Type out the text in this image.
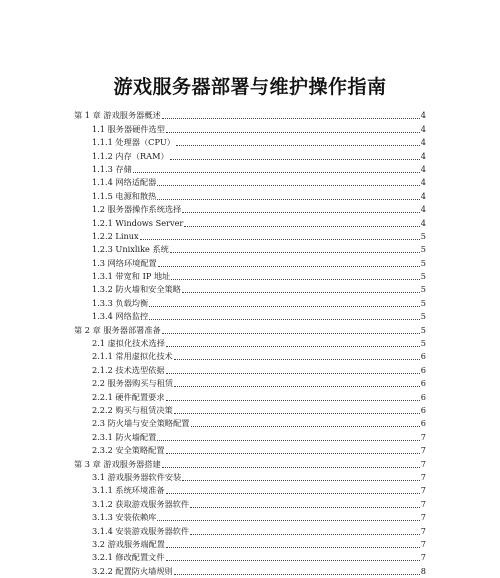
游戏服务器部署与维护操作指南
第 1 章 游戏服务器概述	4
1.1 服务器硬件选型	4
1.1.1 处理器（CPU）	4
1.1.2 内存（RAM）	4
1.1.3 存储	4
1.1.4 网络适配器	4
1.1.5 电源和散热	4
1.2 服务器操作系统选择	4
1.2.1 Windows Server	4
1.2.2 Linux	5
1.2.3 Unixlike 系统	5
1.3 网络环境配置	5
1.3.1 带宽和 IP 地址	5
1.3.2 防火墙和安全策略	5
1.3.3 负载均衡	5
1.3.4 网络监控	5
第 2 章 服务器部署准备	5
2.1 虚拟化技术选择	5
2.1.1 常用虚拟化技术	6
2.1.2 技术选型依据	6
2.2 服务器购买与租赁	6
2.2.1 硬件配置要求	6
2.2.2 购买与租赁决策	6
2.3 防火墙与安全策略配置	6
2.3.1 防火墙配置	7
2.3.2 安全策略配置	7
第 3 章 游戏服务器搭建	7
3.1 游戏服务器软件安装	7
3.1.1 系统环境准备	7
3.1.2 获取游戏服务器软件	7
3.1.3 安装依赖库	7
3.1.4 安装游戏服务器软件	7
3.2 游戏服务端配置	7
3.2.1 修改配置文件	7
3.2.2 配置防火墙规则	8
